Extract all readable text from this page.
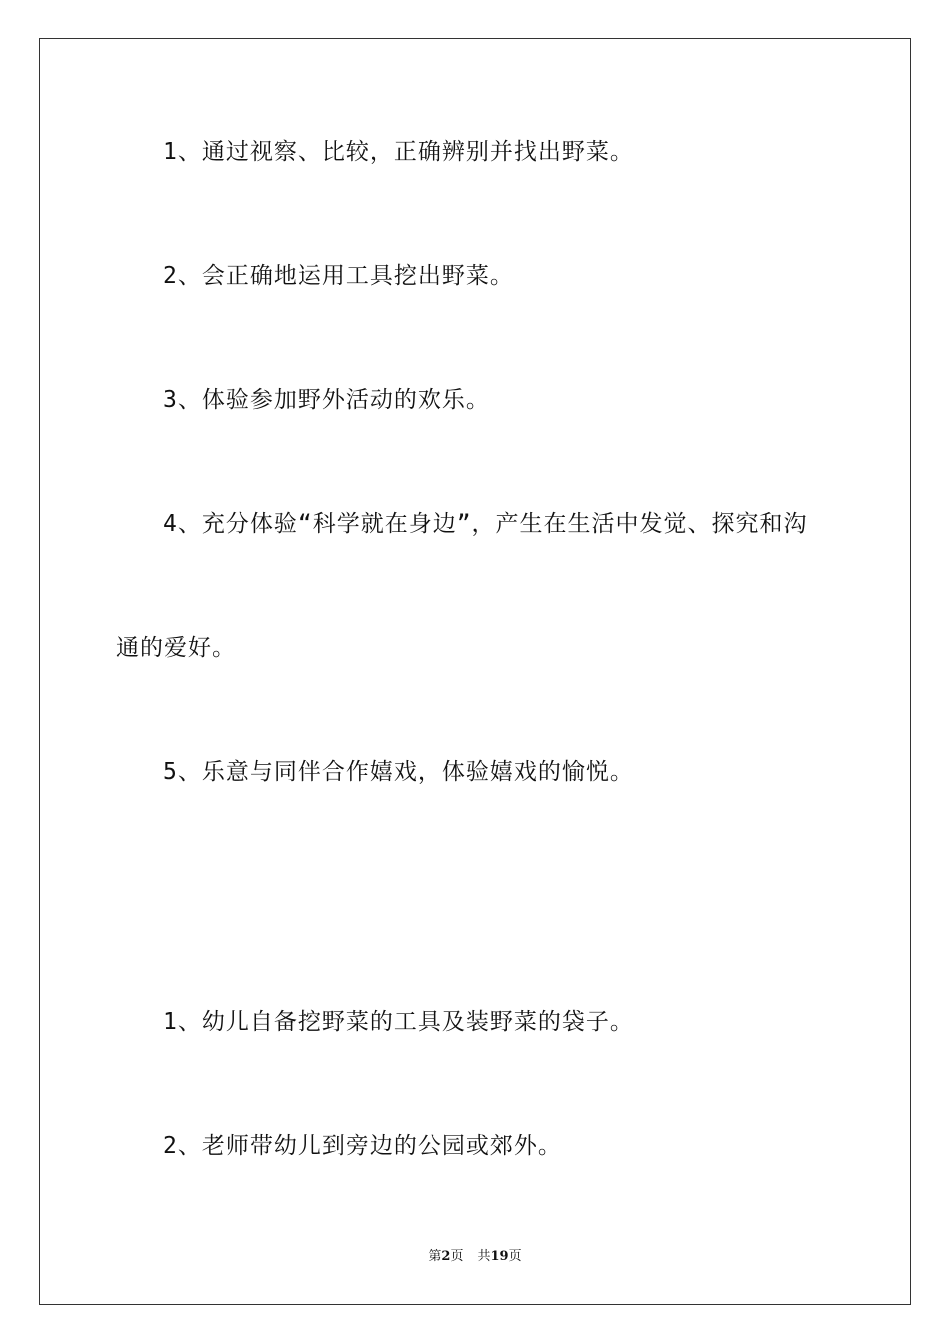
1、通过视察、比较，正确辨别并找出野菜。

2、会正确地运用工具挖出野菜。

3、体验参加野外活动的欢乐。

4、充分体验“科学就在身边”，产生在生活中发觉、探究和沟

通的爱好。

5、乐意与同伴合作嬉戏，体验嬉戏的愉悦。

1、幼儿自备挖野菜的工具及装野菜的袋子。

2、老师带幼儿到旁边的公园或郊外。

第2页 共19页
